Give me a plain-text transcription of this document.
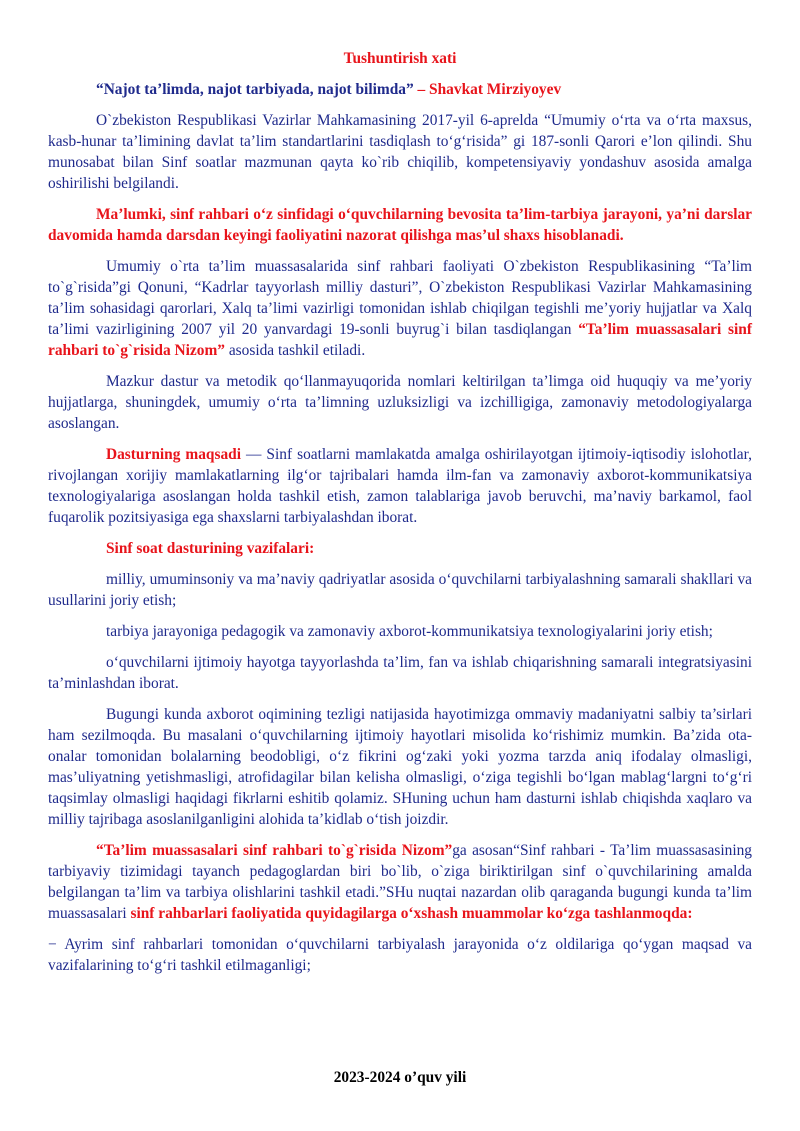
Tushuntirish xati
“Najot ta’limda, najot tarbiyada, najot bilimda” – Shavkat Mirziyoyev

O`zbekiston Respublikasi Vazirlar Mahkamasining 2017-yil 6-aprelda “Umumiy o‘rta va o‘rta maxsus, kasb-hunar ta’limining davlat ta’lim standartlarini tasdiqlash to‘g‘risida” gi 187-sonli Qarori e’lon qilindi. Shu munosabat bilan Sinf soatlar mazmunan qayta ko`rib chiqilib, kompetensiyaviy yondashuv asosida amalga oshirilishi belgilandi.

Ma’lumki, sinf rahbari o‘z sinfidagi o‘quvchilarning bevosita ta’lim-tarbiya jarayoni, ya’ni darslar davomida hamda darsdan keyingi faoliyatini nazorat qilishga mas’ul shaxs hisoblanadi.

Umumiy o`rta ta’lim muassasalarida sinf rahbari faoliyati O`zbekiston Respublikasining “Ta’lim to`g`risida”gi Qonuni, “Kadrlar tayyorlash milliy dasturi”, O`zbekiston Respublikasi Vazirlar Mahkamasining ta’lim sohasidagi qarorlari, Xalq ta’limi vazirligi tomonidan ishlab chiqilgan tegishli me’yoriy hujjatlar va Xalq ta’limi vazirligining 2007 yil 20 yanvardagi 19-sonli buyrug`i bilan tasdiqlangan “Ta’lim muassasalari sinf rahbari to`g`risida Nizom” asosida tashkil etiladi.

Mazkur dastur va metodik qo‘llanmayuqorida nomlari keltirilgan ta’limga oid huquqiy va me’yoriy hujjatlarga, shuningdek, umumiy o‘rta ta’limning uzluksizligi va izchilligiga, zamonaviy metodologiyalarga asoslangan.

Dasturning maqsadi — Sinf soatlarni mamlakatda amalga oshirilayotgan ijtimoiy-iqtisodiy islohotlar, rivojlangan xorijiy mamlakatlarning ilg‘or tajribalari hamda ilm-fan va zamonaviy axborot-kommunikatsiya texnologiyalariga asoslangan holda tashkil etish, zamon talablariga javob beruvchi, ma’naviy barkamol, faol fuqarolik pozitsiyasiga ega shaxslarni tarbiyalashdan iborat.

Sinf soat dasturining vazifalari:

milliy, umuminsoniy va ma’naviy qadriyatlar asosida o‘quvchilarni tarbiyalashning samarali shakllari va usullarini joriy etish;

tarbiya jarayoniga pedagogik va zamonaviy axborot-kommunikatsiya texnologiyalarini joriy etish;

o‘quvchilarni ijtimoiy hayotga tayyorlashda ta’lim, fan va ishlab chiqarishning samarali integratsiyasini ta’minlashdan iborat.

Bugungi kunda axborot oqimining tezligi natijasida hayotimizga ommaviy madaniyatni salbiy ta’sirlari ham sezilmoqda. Bu masalani o‘quvchilarning ijtimoiy hayotlari misolida ko‘rishimiz mumkin. Ba’zida ota-onalar tomonidan bolalarning beodobligi, o‘z fikrini og‘zaki yoki yozma tarzda aniq ifodalay olmasligi, mas’uliyatning yetishmasligi, atrofidagilar bilan kelisha olmasligi, o‘ziga tegishli bo‘lgan mablag‘largni to‘g‘ri taqsimlay olmasligi haqidagi fikrlarni eshitib qolamiz. SHuning uchun ham dasturni ishlab chiqishda xaqlaro va milliy tajribaga asoslanilganligini alohida ta’kidlab o‘tish joizdir.

“Ta’lim muassasalari sinf rahbari to`g`risida Nizom”ga asosan“Sinf rahbari - Ta’lim muassasasining tarbiyaviy tizimidagi tayanch pedagoglardan biri bo`lib, o`ziga biriktirilgan sinf o`quvchilarining amalda belgilangan ta’lim va tarbiya olishlarini tashkil etadi.”SHu nuqtai nazardan olib qaraganda bugungi kunda ta’lim muassasalari sinf rahbarlari faoliyatida quyidagilarga o‘xshash muammolar ko‘zga tashlanmoqda:

− Ayrim sinf rahbarlari tomonidan o‘quvchilarni tarbiyalash jarayonida o‘z oldilariga qo‘ygan maqsad va vazifalarining to‘g‘ri tashkil etilmaganligi;

2023-2024 o’quv yili
